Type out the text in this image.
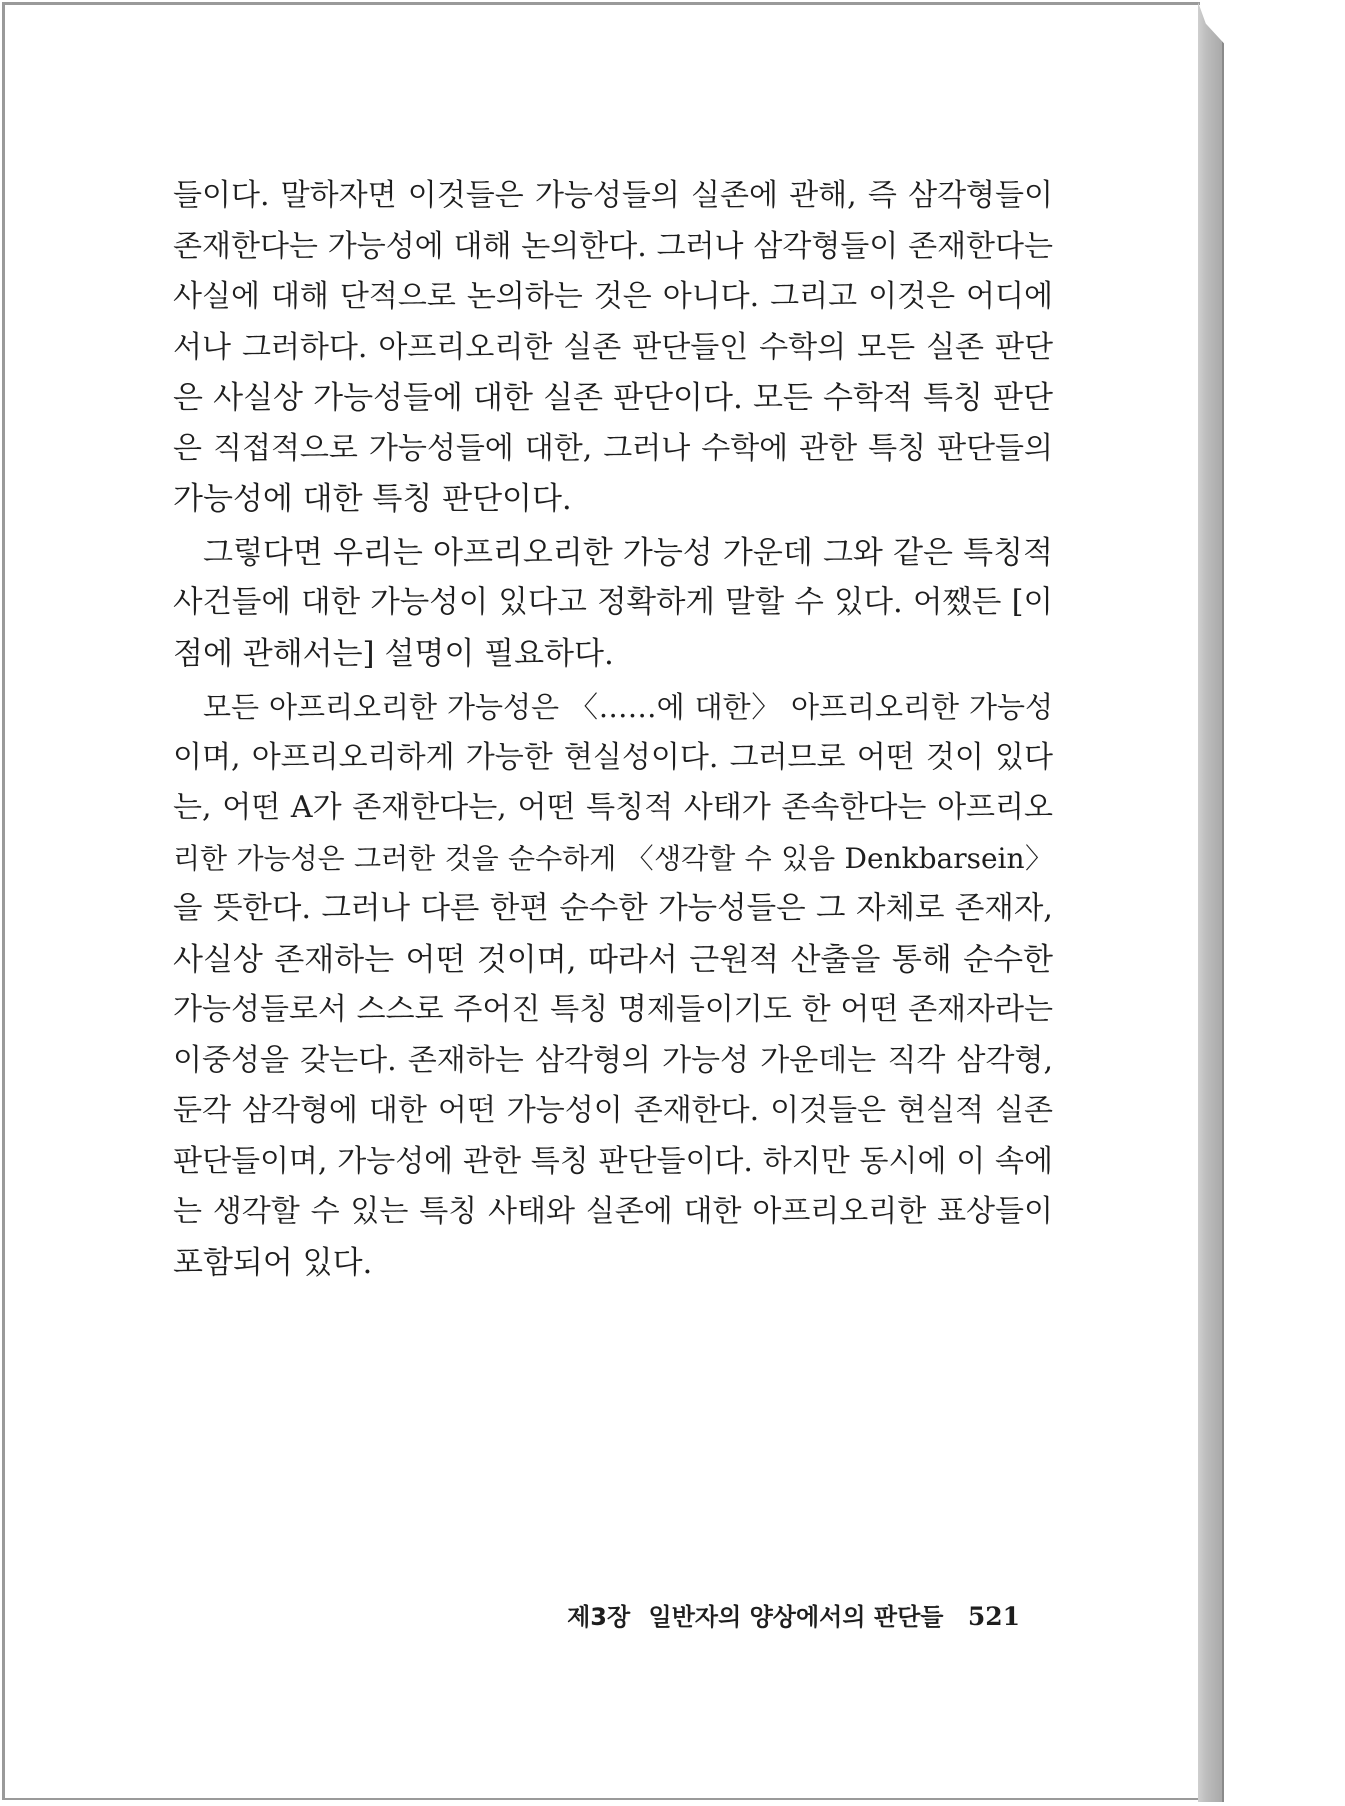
들이다. 말하자면 이것들은 가능성들의 실존에 관해, 즉 삼각형들이
존재한다는 가능성에 대해 논의한다. 그러나 삼각형들이 존재한다는
사실에 대해 단적으로 논의하는 것은 아니다. 그리고 이것은 어디에
서나 그러하다. 아프리오리한 실존 판단들인 수학의 모든 실존 판단
은 사실상 가능성들에 대한 실존 판단이다. 모든 수학적 특칭 판단
은 직접적으로 가능성들에 대한, 그러나 수학에 관한 특칭 판단들의
가능성에 대한 특칭 판단이다.
그렇다면 우리는 아프리오리한 가능성 가운데 그와 같은 특칭적
사건들에 대한 가능성이 있다고 정확하게 말할 수 있다. 어쨌든 [이
점에 관해서는] 설명이 필요하다.
모든 아프리오리한 가능성은 〈……에 대한〉 아프리오리한 가능성
이며, 아프리오리하게 가능한 현실성이다. 그러므로 어떤 것이 있다
는, 어떤 A가 존재한다는, 어떤 특칭적 사태가 존속한다는 아프리오
리한 가능성은 그러한 것을 순수하게 〈생각할 수 있음 Denkbarsein〉
을 뜻한다. 그러나 다른 한편 순수한 가능성들은 그 자체로 존재자,
사실상 존재하는 어떤 것이며, 따라서 근원적 산출을 통해 순수한
가능성들로서 스스로 주어진 특칭 명제들이기도 한 어떤 존재자라는
이중성을 갖는다. 존재하는 삼각형의 가능성 가운데는 직각 삼각형,
둔각 삼각형에 대한 어떤 가능성이 존재한다. 이것들은 현실적 실존
판단들이며, 가능성에 관한 특칭 판단들이다. 하지만 동시에 이 속에
는 생각할 수 있는 특칭 사태와 실존에 대한 아프리오리한 표상들이
포함되어 있다.
제3장 일반자의 양상에서의 판단들 521
